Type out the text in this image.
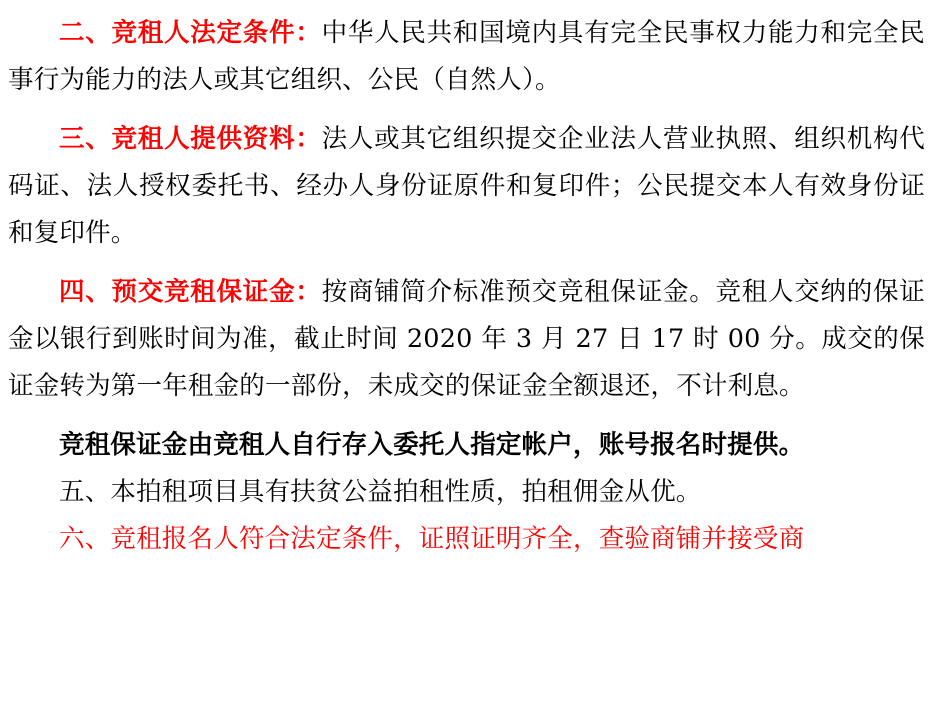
二、竞租人法定条件：中华人民共和国境内具有完全民事权力能力和完全民事行为能力的法人或其它组织、公民（自然人）。

三、竞租人提供资料：法人或其它组织提交企业法人营业执照、组织机构代码证、法人授权委托书、经办人身份证原件和复印件；公民提交本人有效身份证和复印件。

四、预交竞租保证金：按商铺简介标准预交竞租保证金。竞租人交纳的保证金以银行到账时间为准，截止时间 2020 年 3 月 27 日 17 时 00 分。成交的保证金转为第一年租金的一部份，未成交的保证金全额退还，不计利息。

竞租保证金由竞租人自行存入委托人指定帐户，账号报名时提供。

五、本拍租项目具有扶贫公益拍租性质，拍租佣金从优。

六、竞租报名人符合法定条件，证照证明齐全，查验商铺并接受商
